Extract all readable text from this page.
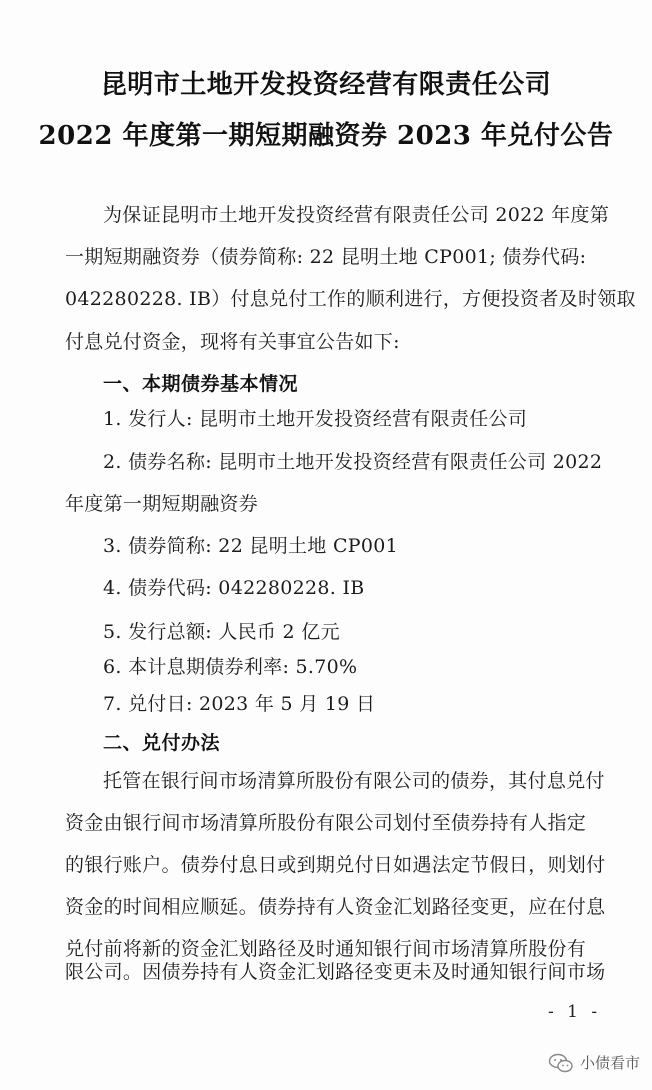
昆明市土地开发投资经营有限责任公司
2022 年度第一期短期融资券 2023 年兑付公告
为保证昆明市土地开发投资经营有限责任公司 2022 年度第
一期短期融资券（债券简称: 22 昆明土地 CP001; 债券代码:
042280228. IB）付息兑付工作的顺利进行，方便投资者及时领取
付息兑付资金，现将有关事宜公告如下:
一、本期债券基本情况
1. 发行人: 昆明市土地开发投资经营有限责任公司
2. 债券名称: 昆明市土地开发投资经营有限责任公司 2022
年度第一期短期融资券
3. 债券简称: 22 昆明土地 CP001
4. 债券代码: 042280228. IB
5. 发行总额: 人民币 2 亿元
6. 本计息期债券利率: 5.70%
7. 兑付日: 2023 年 5 月 19 日
二、兑付办法
托管在银行间市场清算所股份有限公司的债券，其付息兑付
资金由银行间市场清算所股份有限公司划付至债券持有人指定
的银行账户。债券付息日或到期兑付日如遇法定节假日，则划付
资金的时间相应顺延。债券持有人资金汇划路径变更，应在付息
兑付前将新的资金汇划路径及时通知银行间市场清算所股份有
限公司。因债券持有人资金汇划路径变更未及时通知银行间市场
- 1 -
小债看市
